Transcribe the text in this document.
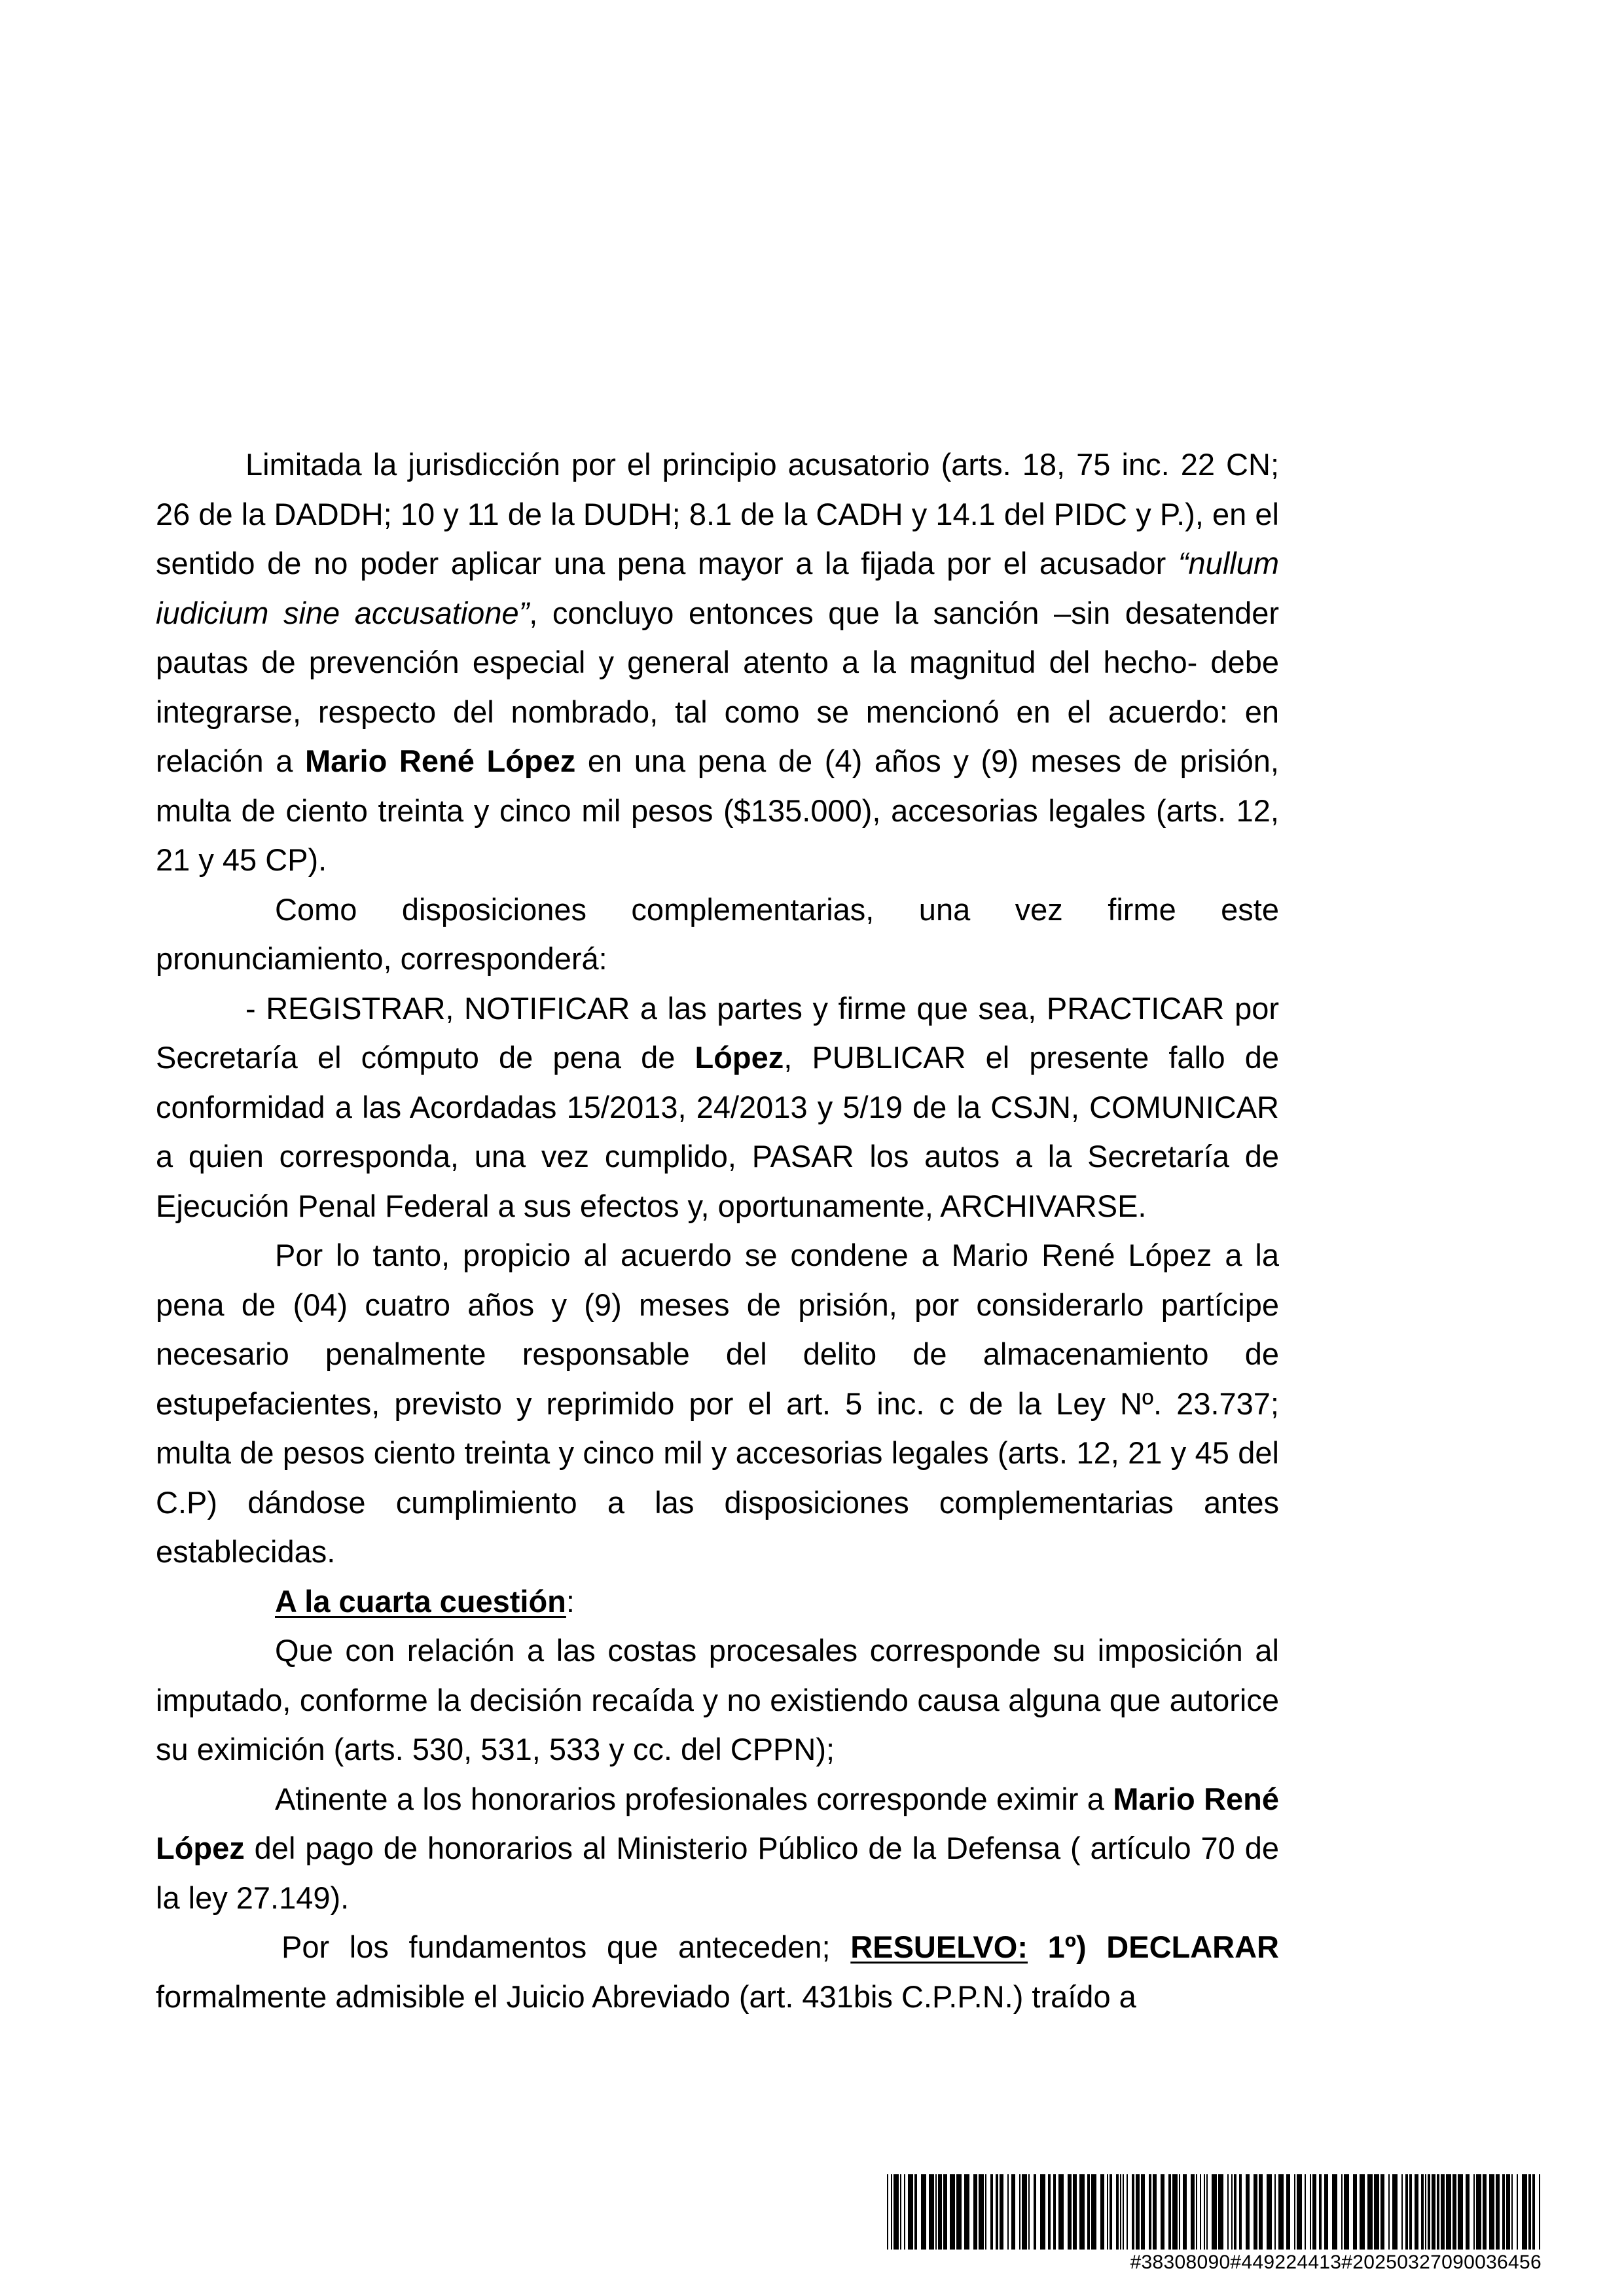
Limitada la jurisdicción por el principio acusatorio (arts. 18, 75 inc. 22 CN; 26 de la DADDH; 10 y 11 de la DUDH; 8.1 de la CADH y 14.1 del PIDC y P.), en el sentido de no poder aplicar una pena mayor a la fijada por el acusador “nullum iudicium sine accusatione”, concluyo entonces que la sanción –sin desatender pautas de prevención especial y general atento a la magnitud del hecho- debe integrarse, respecto del nombrado, tal como se mencionó en el acuerdo: en relación a Mario René López en una pena de (4) años y (9) meses de prisión, multa de ciento treinta y cinco mil pesos ($135.000), accesorias legales (arts. 12, 21 y 45 CP).

Como disposiciones complementarias, una vez firme este pronunciamiento, corresponderá:

- REGISTRAR, NOTIFICAR a las partes y firme que sea, PRACTICAR por Secretaría el cómputo de pena de López, PUBLICAR el presente fallo de conformidad a las Acordadas 15/2013, 24/2013 y 5/19 de la CSJN, COMUNICAR a quien corresponda, una vez cumplido, PASAR los autos a la Secretaría de Ejecución Penal Federal a sus efectos y, oportunamente, ARCHIVARSE.

Por lo tanto, propicio al acuerdo se condene a Mario René López a la pena de (04) cuatro años y (9) meses de prisión, por considerarlo partícipe necesario penalmente responsable del delito de almacenamiento de estupefacientes, previsto y reprimido por el art. 5 inc. c de la Ley Nº. 23.737; multa de pesos ciento treinta y cinco mil y accesorias legales (arts. 12, 21 y 45 del C.P) dándose cumplimiento a las disposiciones complementarias antes establecidas.

A la cuarta cuestión:

Que con relación a las costas procesales corresponde su imposición al imputado, conforme la decisión recaída y no existiendo causa alguna que autorice su eximición (arts. 530, 531, 533 y cc. del CPPN);

Atinente a los honorarios profesionales corresponde eximir a Mario René López del pago de honorarios al Ministerio Público de la Defensa ( artículo 70 de la ley 27.149).

Por los fundamentos que anteceden; RESUELVO: 1º) DECLARAR formalmente admisible el Juicio Abreviado (art. 431bis C.P.P.N.) traído a

#38308090#449224413#20250327090036456
